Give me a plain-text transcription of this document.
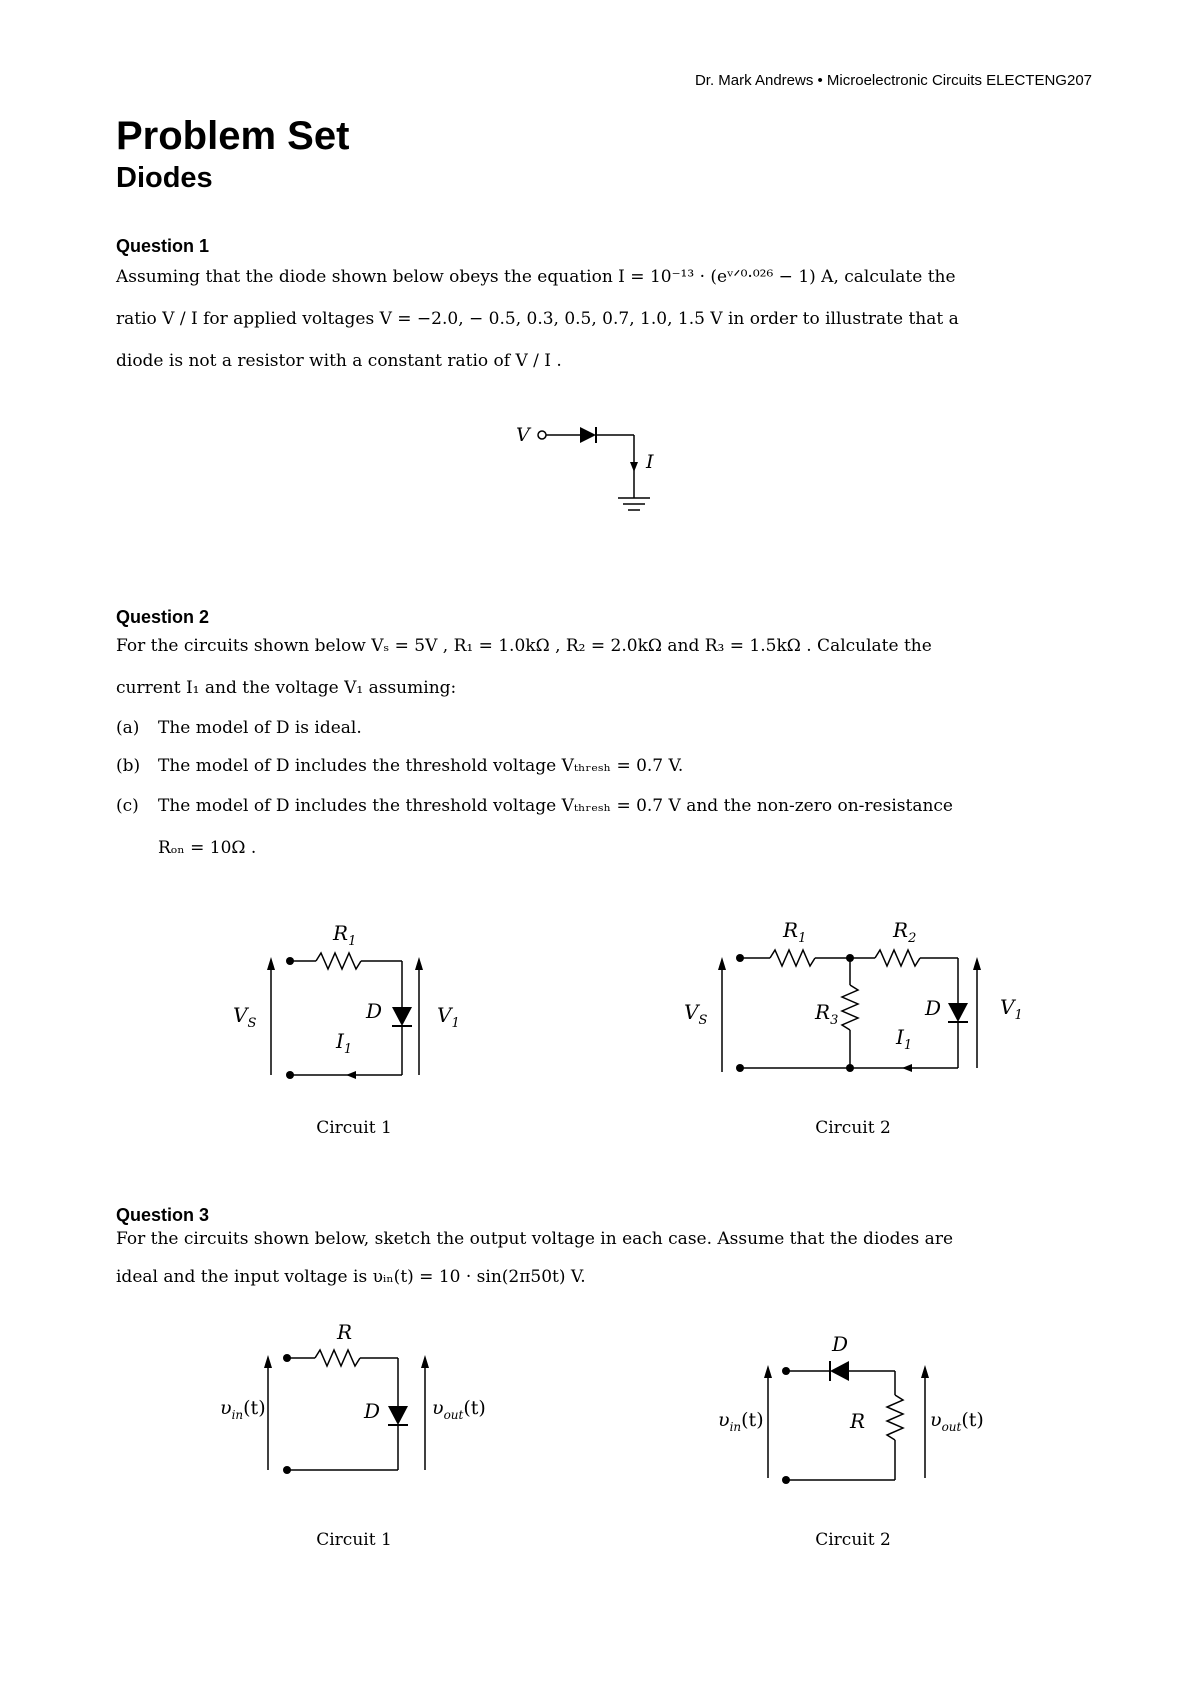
Dr. Mark Andrews • Microelectronic Circuits ELECTENG207
Problem Set
Diodes
Question 1

Assuming that the diode shown below obeys the equation I = 10⁻¹³ · (eᵛᐟ⁰·⁰²⁶ − 1) A, calculate the

ratio V / I for applied voltages V = −2.0, − 0.5, 0.3, 0.5, 0.7, 1.0, 1.5 V in order to illustrate that a

diode is not a resistor with a constant ratio of V / I .

V
I
Question 2

For the circuits shown below Vₛ = 5V , R₁ = 1.0kΩ , R₂ = 2.0kΩ and R₃ = 1.5kΩ . Calculate the

current I₁ and the voltage V₁ assuming:

(a)	The model of D is ideal.
(b)	The model of D includes the threshold voltage Vₜₕᵣₑₛₕ = 0.7 V.
(c)	The model of D includes the threshold voltage Vₜₕᵣₑₛₕ = 0.7 V and the non-zero on-resistance

Rₒₙ = 10Ω .

$V_S$
$R_1$
D
$I_1$
$V_1$
Circuit 1
$V_S$
$R_1$	$R_2$
$R_3$
D
$I_1$
$V_1$
Circuit 2
Question 3

For the circuits shown below, sketch the output voltage in each case. Assume that the diodes are

ideal and the input voltage is υᵢₙ(t) = 10 · sin(2π50t) V.

$\upsilon_{in}(t)$
R
D	$\upsilon_{out}(t)$
Circuit 1
$\upsilon_{in}(t)$
D
R	$\upsilon_{out}(t)$
Circuit 2
